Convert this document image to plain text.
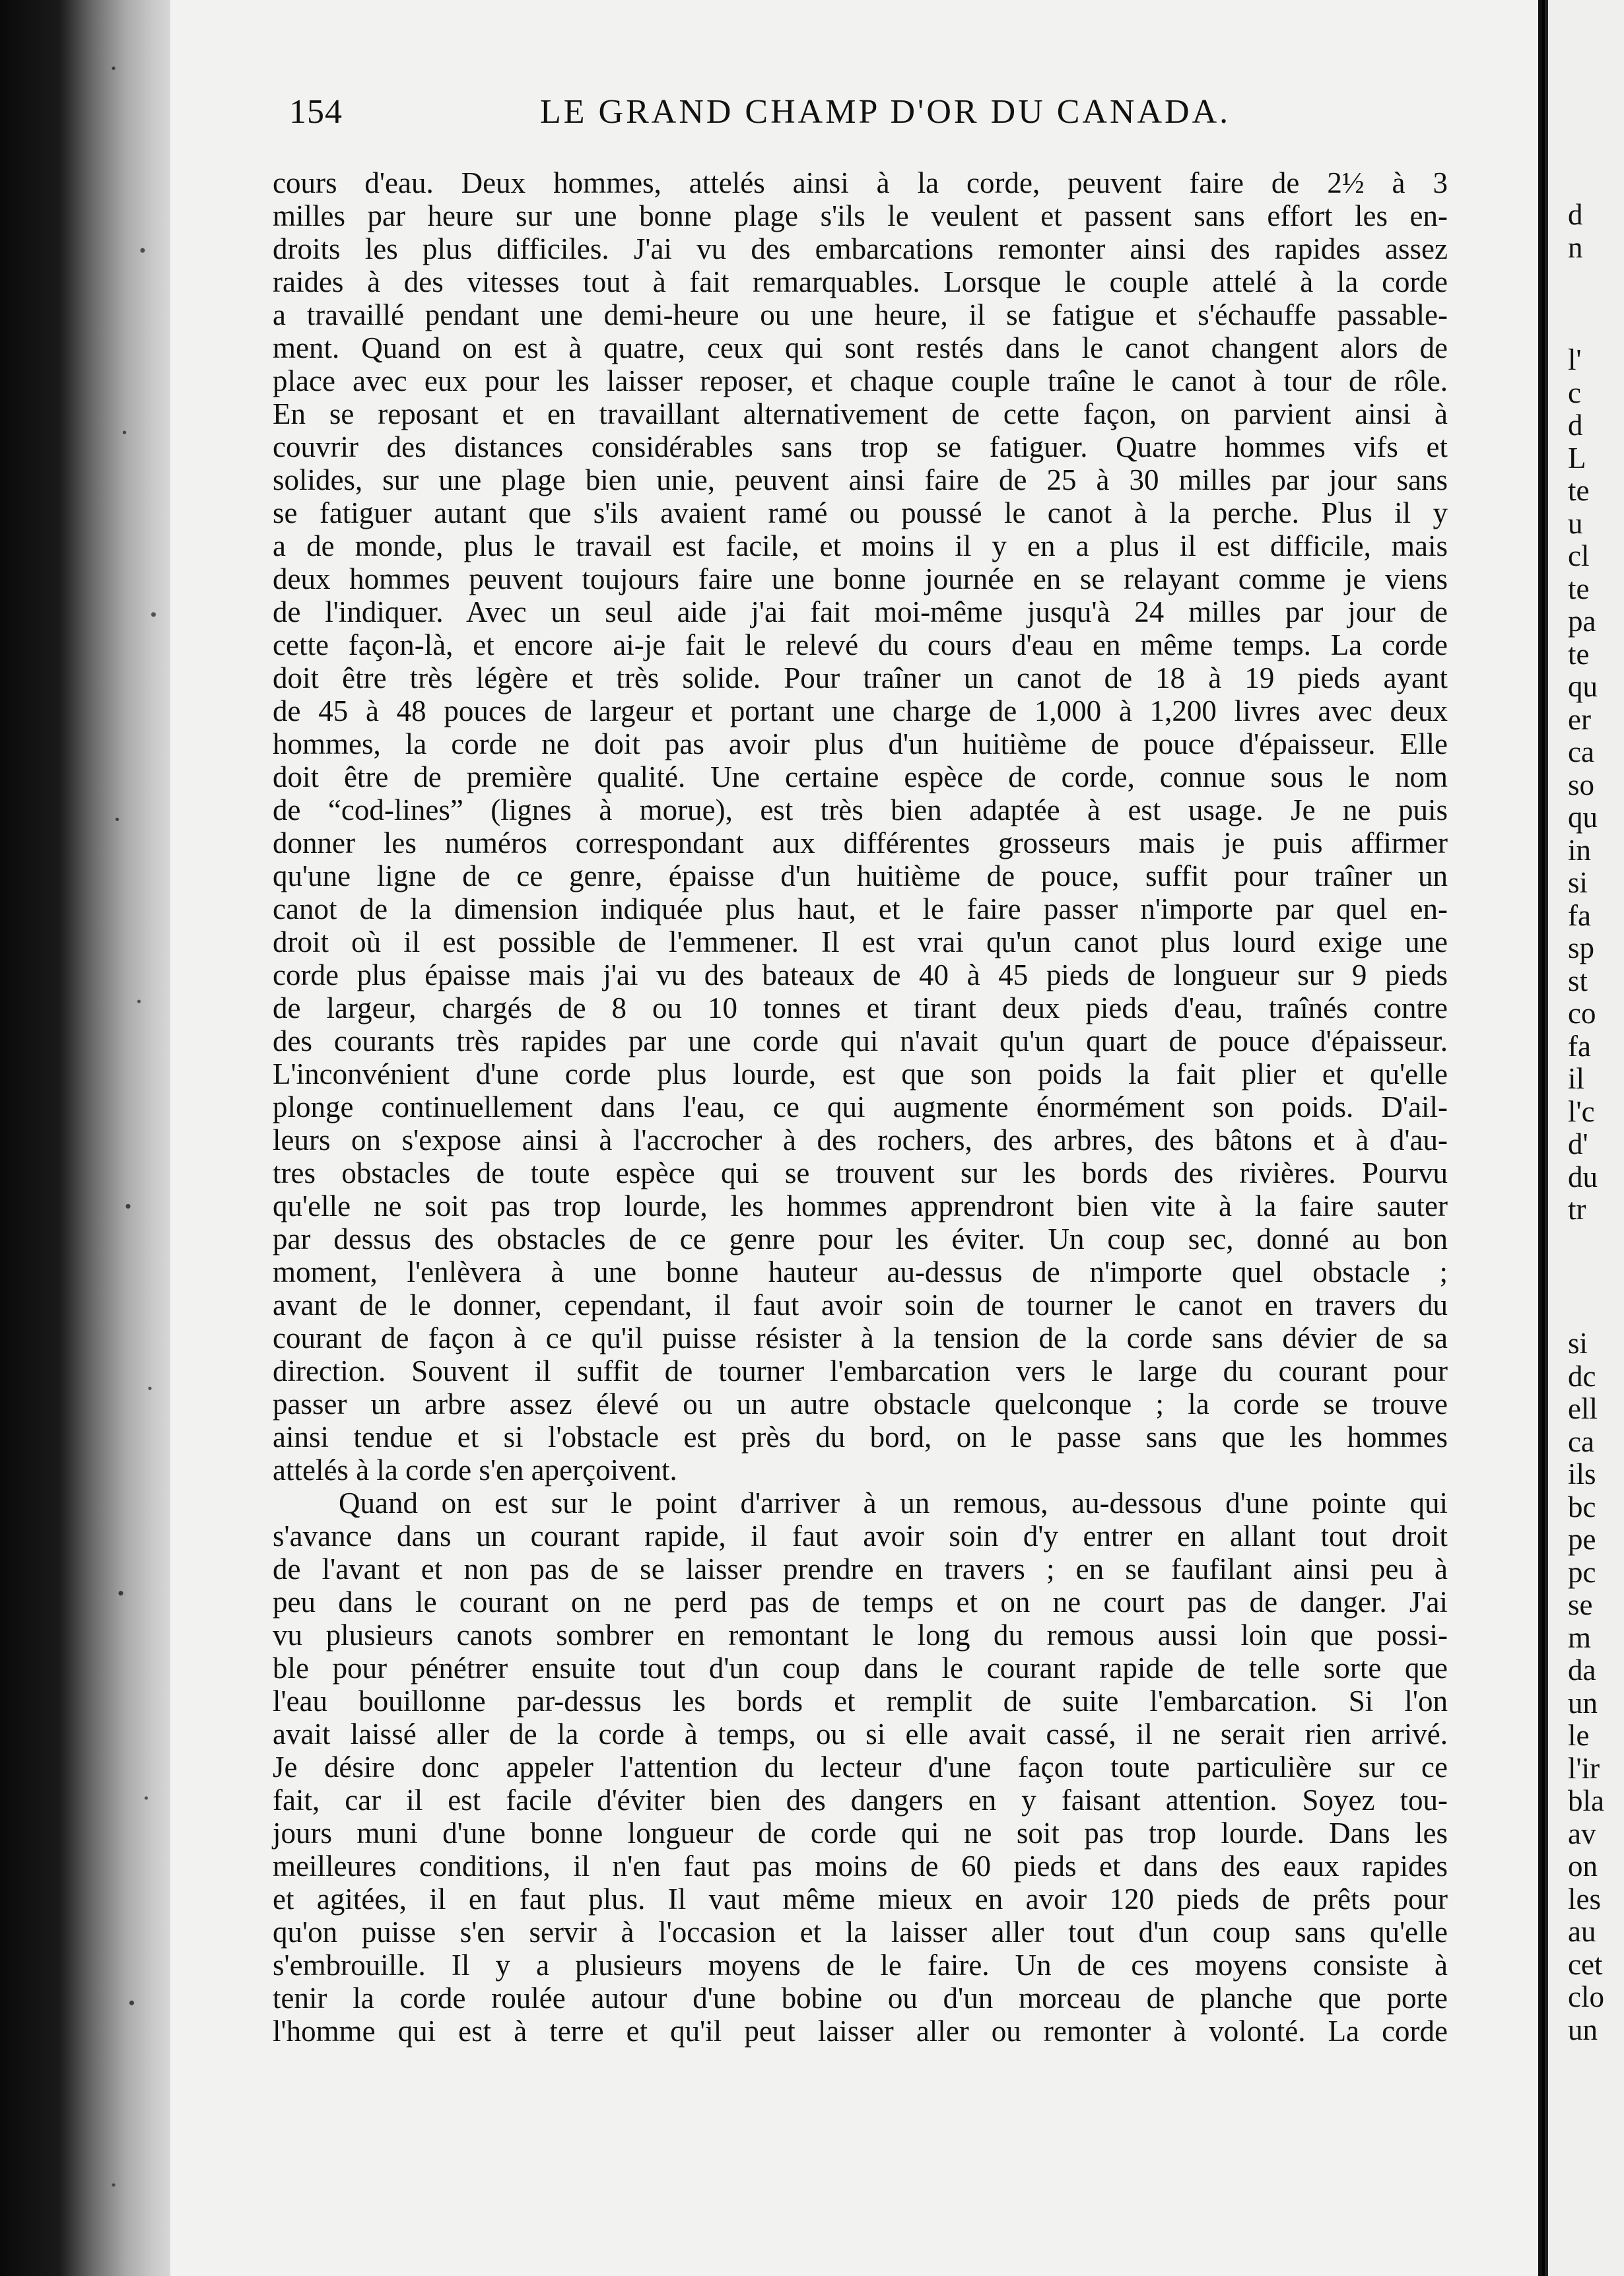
154	LE GRAND CHAMP D'OR DU CANADA.
cours d'eau. Deux hommes, attelés ainsi à la corde, peuvent faire de 2½ à 3
milles par heure sur une bonne plage s'ils le veulent et passent sans effort les en-
droits les plus difficiles. J'ai vu des embarcations remonter ainsi des rapides assez
raides à des vitesses tout à fait remarquables. Lorsque le couple attelé à la corde
a travaillé pendant une demi-heure ou une heure, il se fatigue et s'échauffe passable-
ment. Quand on est à quatre, ceux qui sont restés dans le canot changent alors de
place avec eux pour les laisser reposer, et chaque couple traîne le canot à tour de rôle.
En se reposant et en travaillant alternativement de cette façon, on parvient ainsi à
couvrir des distances considérables sans trop se fatiguer. Quatre hommes vifs et
solides, sur une plage bien unie, peuvent ainsi faire de 25 à 30 milles par jour sans
se fatiguer autant que s'ils avaient ramé ou poussé le canot à la perche. Plus il y
a de monde, plus le travail est facile, et moins il y en a plus il est difficile, mais
deux hommes peuvent toujours faire une bonne journée en se relayant comme je viens
de l'indiquer. Avec un seul aide j'ai fait moi-même jusqu'à 24 milles par jour de
cette façon-là, et encore ai-je fait le relevé du cours d'eau en même temps. La corde
doit être très légère et très solide. Pour traîner un canot de 18 à 19 pieds ayant
de 45 à 48 pouces de largeur et portant une charge de 1,000 à 1,200 livres avec deux
hommes, la corde ne doit pas avoir plus d'un huitième de pouce d'épaisseur. Elle
doit être de première qualité. Une certaine espèce de corde, connue sous le nom
de “cod-lines” (lignes à morue), est très bien adaptée à est usage. Je ne puis
donner les numéros correspondant aux différentes grosseurs mais je puis affirmer
qu'une ligne de ce genre, épaisse d'un huitième de pouce, suffit pour traîner un
canot de la dimension indiquée plus haut, et le faire passer n'importe par quel en-
droit où il est possible de l'emmener. Il est vrai qu'un canot plus lourd exige une
corde plus épaisse mais j'ai vu des bateaux de 40 à 45 pieds de longueur sur 9 pieds
de largeur, chargés de 8 ou 10 tonnes et tirant deux pieds d'eau, traînés contre
des courants très rapides par une corde qui n'avait qu'un quart de pouce d'épaisseur.
L'inconvénient d'une corde plus lourde, est que son poids la fait plier et qu'elle
plonge continuellement dans l'eau, ce qui augmente énormément son poids. D'ail-
leurs on s'expose ainsi à l'accrocher à des rochers, des arbres, des bâtons et à d'au-
tres obstacles de toute espèce qui se trouvent sur les bords des rivières. Pourvu
qu'elle ne soit pas trop lourde, les hommes apprendront bien vite à la faire sauter
par dessus des obstacles de ce genre pour les éviter. Un coup sec, donné au bon
moment, l'enlèvera à une bonne hauteur au-dessus de n'importe quel obstacle ;
avant de le donner, cependant, il faut avoir soin de tourner le canot en travers du
courant de façon à ce qu'il puisse résister à la tension de la corde sans dévier de sa
direction. Souvent il suffit de tourner l'embarcation vers le large du courant pour
passer un arbre assez élevé ou un autre obstacle quelconque ; la corde se trouve
ainsi tendue et si l'obstacle est près du bord, on le passe sans que les hommes
attelés à la corde s'en aperçoivent.
Quand on est sur le point d'arriver à un remous, au-dessous d'une pointe qui
s'avance dans un courant rapide, il faut avoir soin d'y entrer en allant tout droit
de l'avant et non pas de se laisser prendre en travers ; en se faufilant ainsi peu à
peu dans le courant on ne perd pas de temps et on ne court pas de danger. J'ai
vu plusieurs canots sombrer en remontant le long du remous aussi loin que possi-
ble pour pénétrer ensuite tout d'un coup dans le courant rapide de telle sorte que
l'eau bouillonne par-dessus les bords et remplit de suite l'embarcation. Si l'on
avait laissé aller de la corde à temps, ou si elle avait cassé, il ne serait rien arrivé.
Je désire donc appeler l'attention du lecteur d'une façon toute particulière sur ce
fait, car il est facile d'éviter bien des dangers en y faisant attention. Soyez tou-
jours muni d'une bonne longueur de corde qui ne soit pas trop lourde. Dans les
meilleures conditions, il n'en faut pas moins de 60 pieds et dans des eaux rapides
et agitées, il en faut plus. Il vaut même mieux en avoir 120 pieds de prêts pour
qu'on puisse s'en servir à l'occasion et la laisser aller tout d'un coup sans qu'elle
s'embrouille. Il y a plusieurs moyens de le faire. Un de ces moyens consiste à
tenir la corde roulée autour d'une bobine ou d'un morceau de planche que porte
l'homme qui est à terre et qu'il peut laisser aller ou remonter à volonté. La corde
d
n
l'
c
d
L
te
u
cl
te
pa
te
qu
er
ca
so
qu
in
si
fa
sp
st
co
fa
il
l'c
d'
du
tr
si
dc
ell
ca
ils
bc
pe
pc
se
m
da
un
le
l'ir
bla
av
on
les
au
cet
clo
un
